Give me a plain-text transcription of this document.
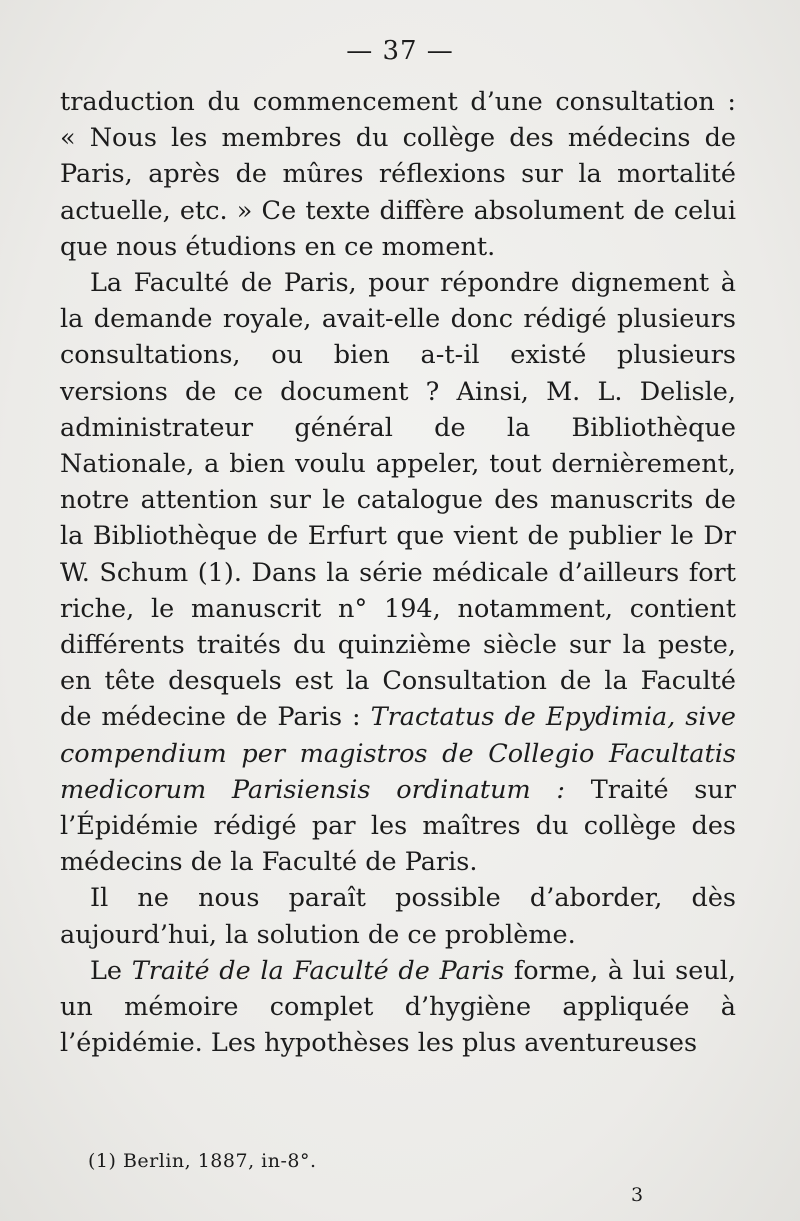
— 37 —

traduction du commencement d’une consultation : « Nous les membres du collège des médecins de Paris, après de mûres réflexions sur la mortalité actuelle, etc. » Ce texte diffère absolument de celui que nous étudions en ce moment.

La Faculté de Paris, pour répondre dignement à la demande royale, avait-elle donc rédigé plusieurs consultations, ou bien a-t-il existé plusieurs versions de ce document ? Ainsi, M. L. Delisle, administrateur général de la Bibliothèque Nationale, a bien voulu appeler, tout dernièrement, notre attention sur le catalogue des manuscrits de la Bibliothèque de Erfurt que vient de publier le Dr W. Schum (1). Dans la série médicale d’ailleurs fort riche, le manuscrit n° 194, notamment, contient différents traités du quinzième siècle sur la peste, en tête desquels est la Consultation de la Faculté de médecine de Paris : Tractatus de Epydimia, sive compendium per magistros de Collegio Facultatis medicorum Parisiensis ordinatum : Traité sur l’Épidémie rédigé par les maîtres du collège des médecins de la Faculté de Paris.

Il ne nous paraît possible d’aborder, dès aujourd’hui, la solution de ce problème.

Le Traité de la Faculté de Paris forme, à lui seul, un mémoire complet d’hygiène appliquée à l’épidémie. Les hypothèses les plus aventureuses

(1) Berlin, 1887, in-8°.
3
